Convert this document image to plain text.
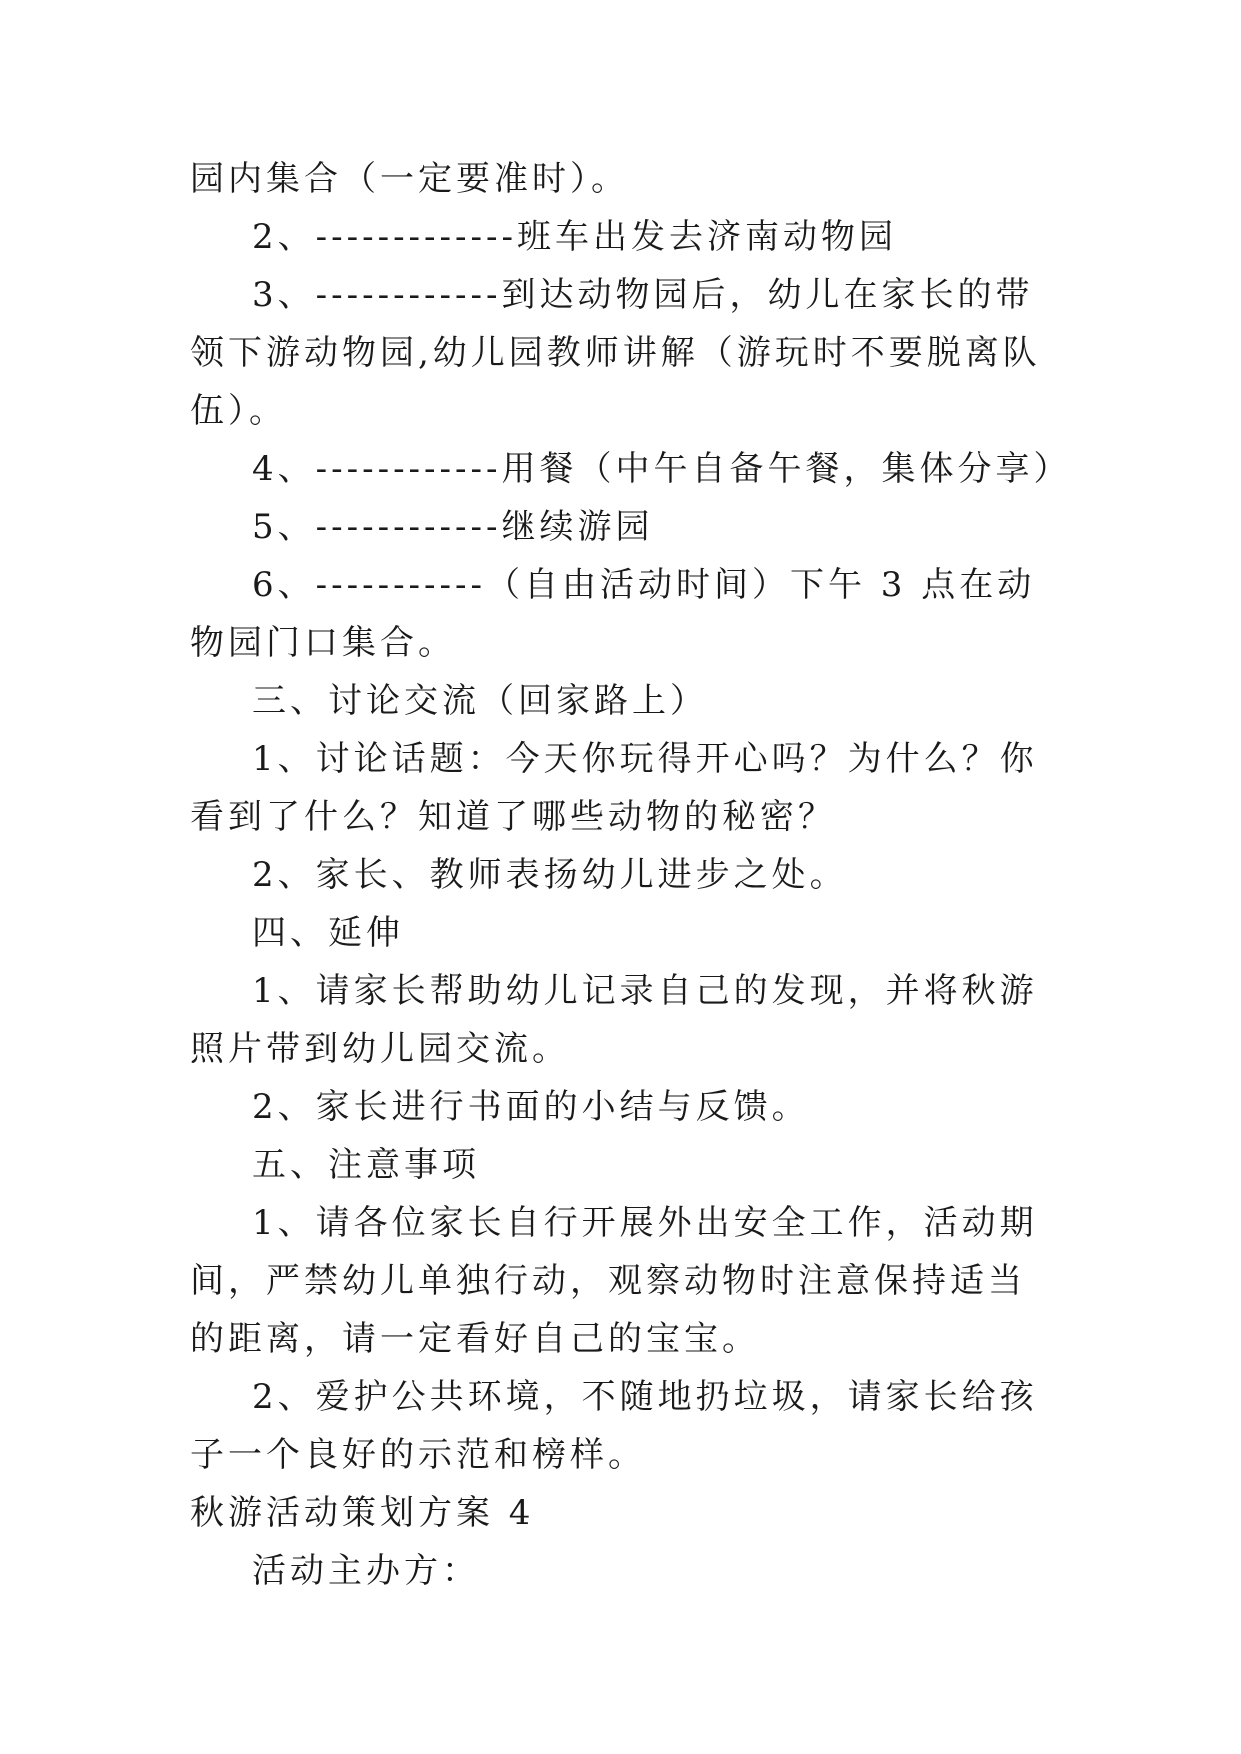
园内集合（一定要准时）。

2、-------------班车出发去济南动物园

3、------------到达动物园后，幼儿在家长的带领下游动物园,幼儿园教师讲解（游玩时不要脱离队伍）。

4、------------用餐（中午自备午餐，集体分享）

5、------------继续游园

6、-----------（自由活动时间）下午 3 点在动物园门口集合。

三、讨论交流（回家路上）

1、讨论话题：今天你玩得开心吗？为什么？你看到了什么？知道了哪些动物的秘密？

2、家长、教师表扬幼儿进步之处。

四、延伸

1、请家长帮助幼儿记录自己的发现，并将秋游照片带到幼儿园交流。

2、家长进行书面的小结与反馈。

五、注意事项

1、请各位家长自行开展外出安全工作，活动期间，严禁幼儿单独行动，观察动物时注意保持适当的距离，请一定看好自己的宝宝。

2、爱护公共环境，不随地扔垃圾，请家长给孩子一个良好的示范和榜样。

秋游活动策划方案 4

活动主办方：
